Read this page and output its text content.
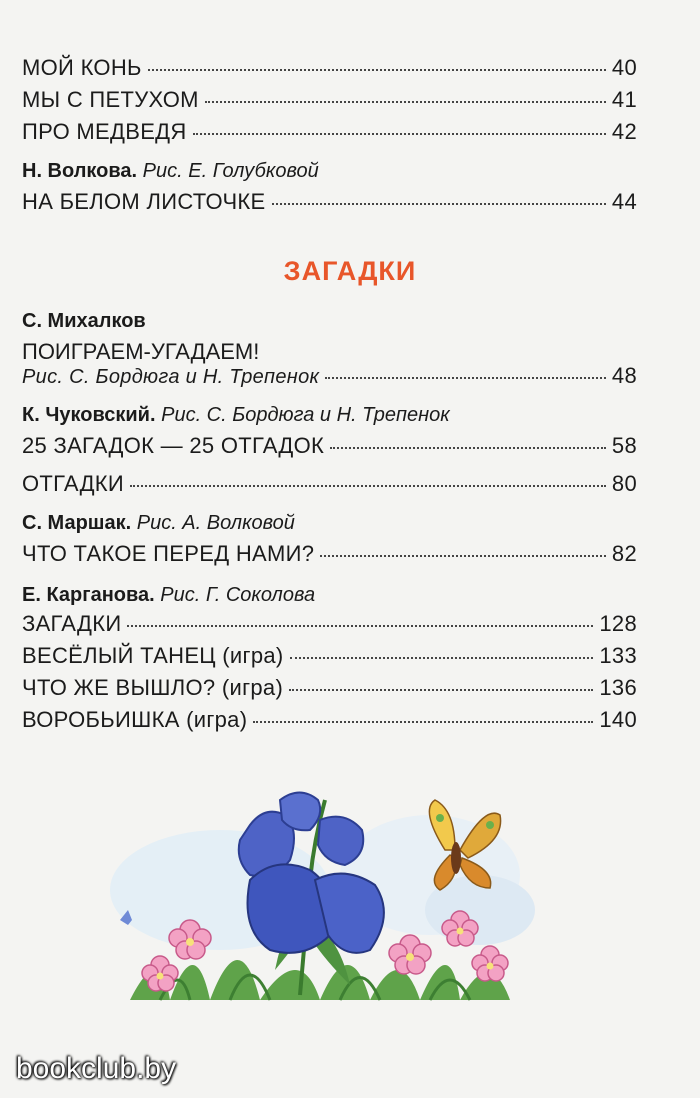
МОЙ КОНЬ	40
МЫ С ПЕТУХОМ	41
ПРО МЕДВЕДЯ	42
Н. Волкова. Рис. Е. Голубковой
НА БЕЛОМ ЛИСТОЧКЕ	44
ЗАГАДКИ
С. Михалков
ПОИГРАЕМ-УГАДАЕМ!
Рис. С. Бордюга и Н. Трепенок	48
К. Чуковский. Рис. С. Бордюга и Н. Трепенок
25 ЗАГАДОК — 25 ОТГАДОК	58
ОТГАДКИ	80
С. Маршак. Рис. А. Волковой
ЧТО ТАКОЕ ПЕРЕД НАМИ?	82
Е. Карганова. Рис. Г. Соколова
ЗАГАДКИ	128
ВЕСЁЛЫЙ ТАНЕЦ (игра)	133
ЧТО ЖЕ ВЫШЛО? (игра)	136
ВОРОБЬИШКА (игра)	140
bookclub.by
